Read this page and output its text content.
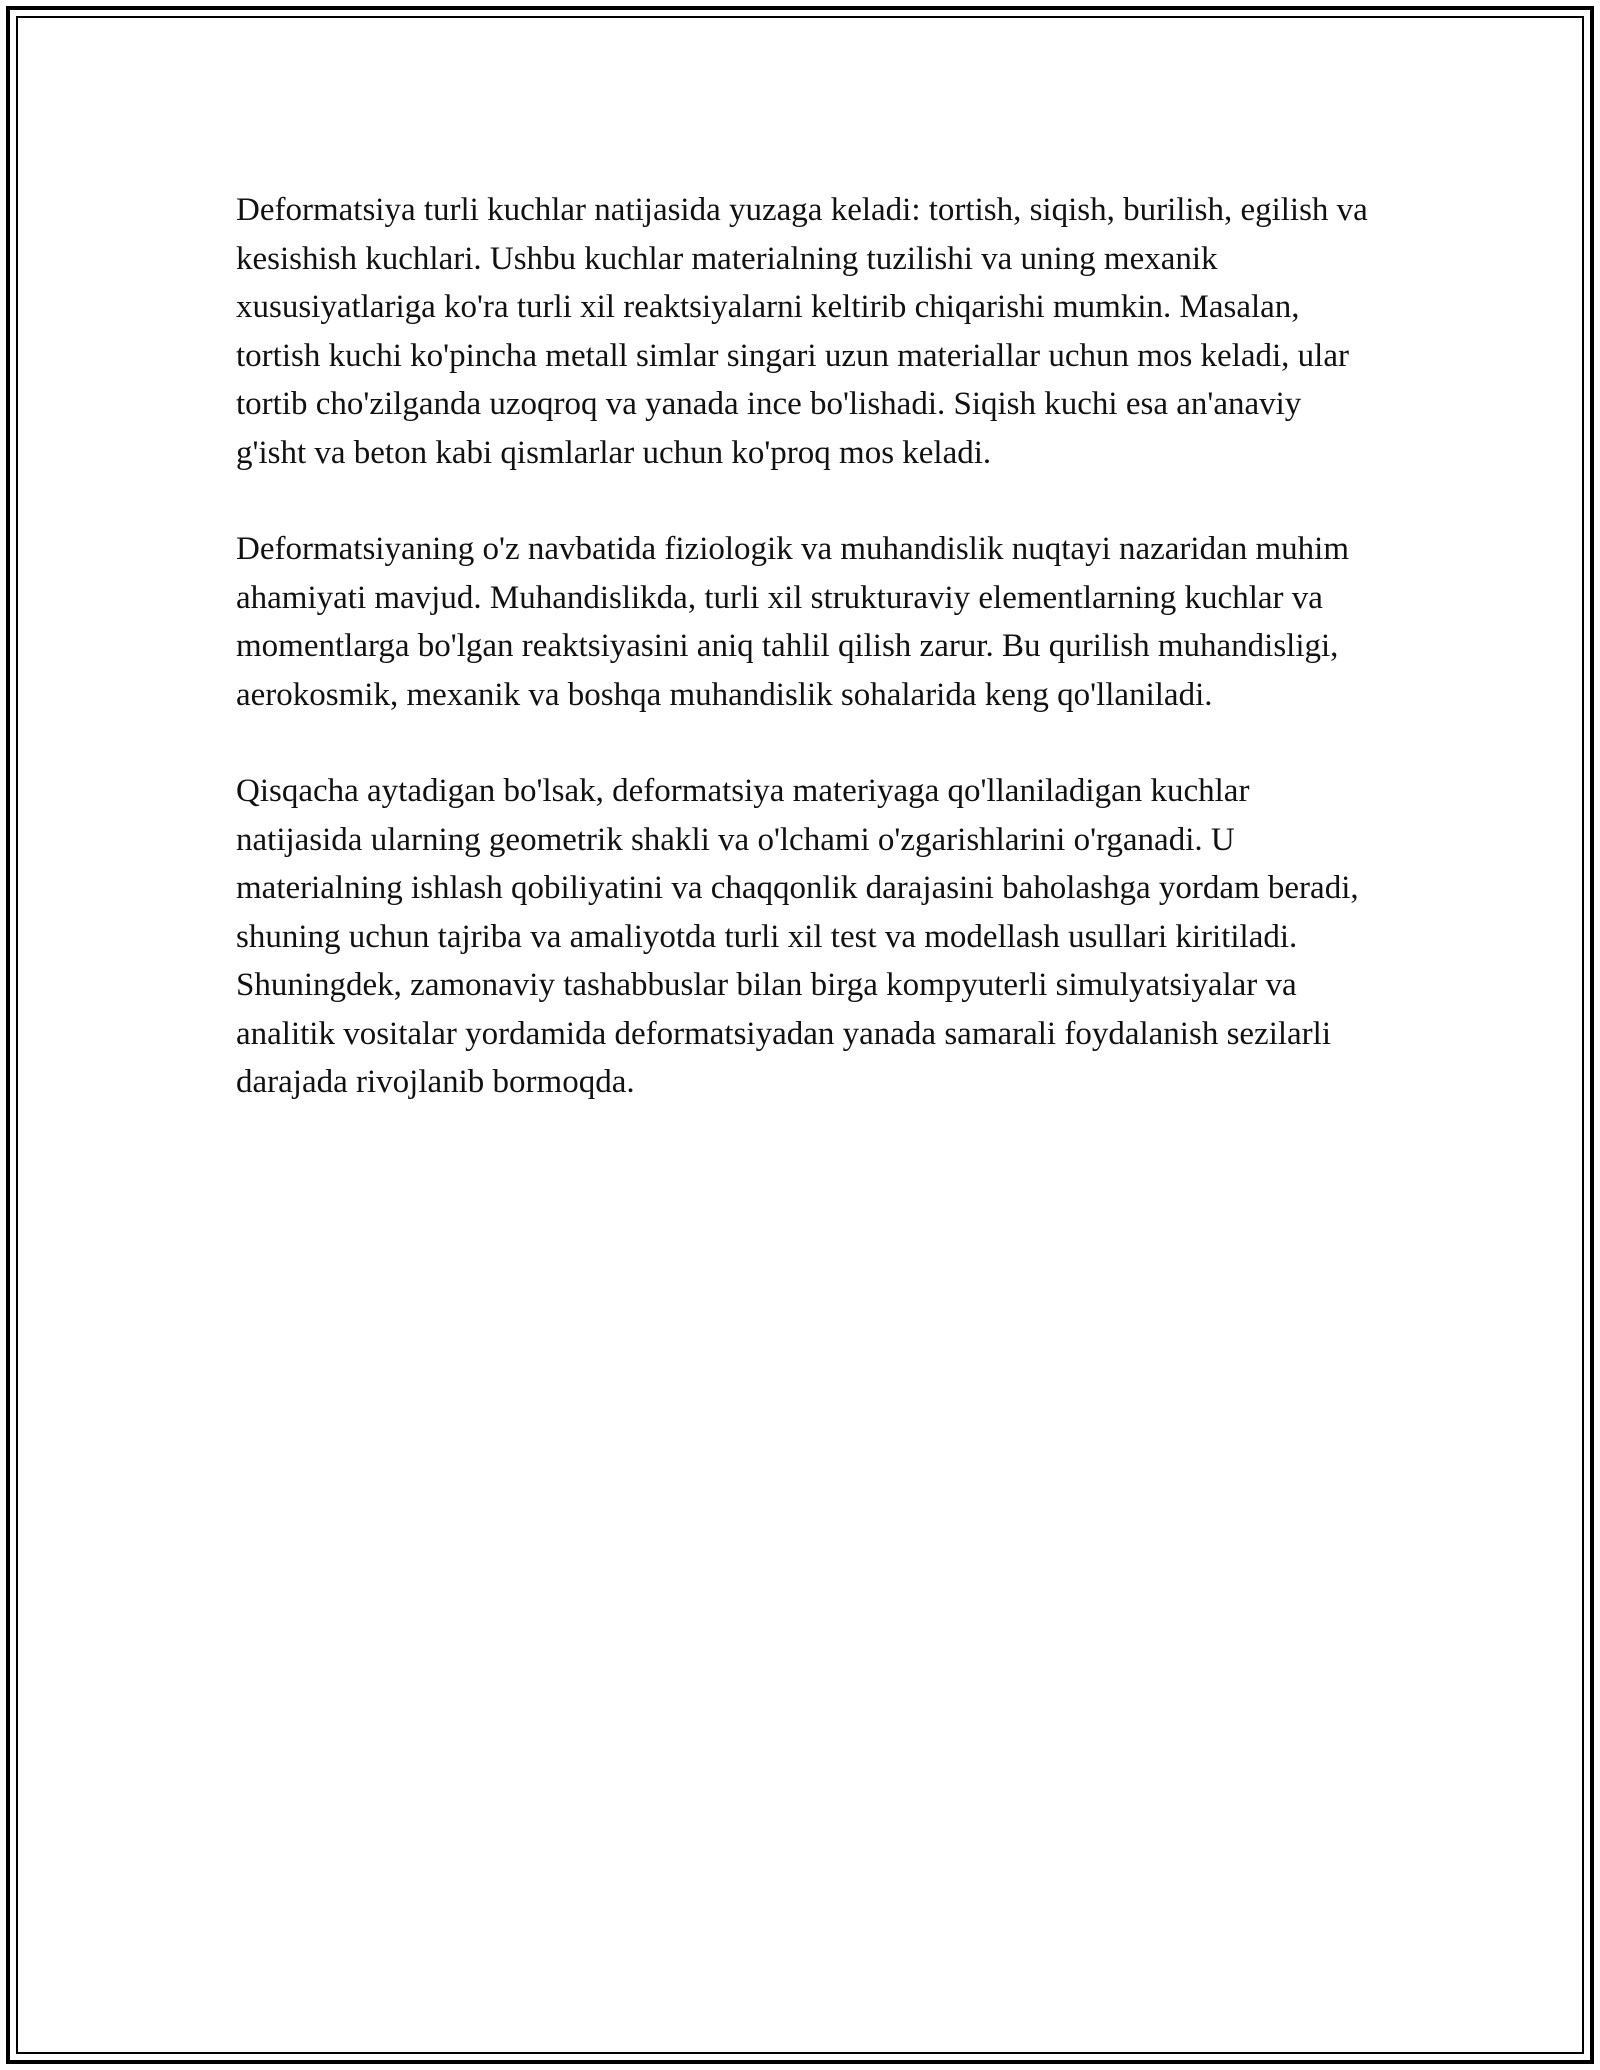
Deformatsiya turli kuchlar natijasida yuzaga keladi: tortish, siqish, burilish, egilish va kesishish kuchlari. Ushbu kuchlar materialning tuzilishi va uning mexanik xususiyatlariga ko'ra turli xil reaktsiyalarni keltirib chiqarishi mumkin. Masalan, tortish kuchi ko'pincha metall simlar singari uzun materiallar uchun mos keladi, ular tortib cho'zilganda uzoqroq va yanada ince bo'lishadi. Siqish kuchi esa an'anaviy g'isht va beton kabi qismlarlar uchun ko'proq mos keladi.

Deformatsiyaning o'z navbatida fiziologik va muhandislik nuqtayi nazaridan muhim ahamiyati mavjud. Muhandislikda, turli xil strukturaviy elementlarning kuchlar va momentlarga bo'lgan reaktsiyasini aniq tahlil qilish zarur. Bu qurilish muhandisligi, aerokosmik, mexanik va boshqa muhandislik sohalarida keng qo'llaniladi.

Qisqacha aytadigan bo'lsak, deformatsiya materiyaga qo'llaniladigan kuchlar natijasida ularning geometrik shakli va o'lchami o'zgarishlarini o'rganadi. U materialning ishlash qobiliyatini va chaqqonlik darajasini baholashga yordam beradi, shuning uchun tajriba va amaliyotda turli xil test va modellash usullari kiritiladi. Shuningdek, zamonaviy tashabbuslar bilan birga kompyuterli simulyatsiyalar va analitik vositalar yordamida deformatsiyadan yanada samarali foydalanish sezilarli darajada rivojlanib bormoqda.
